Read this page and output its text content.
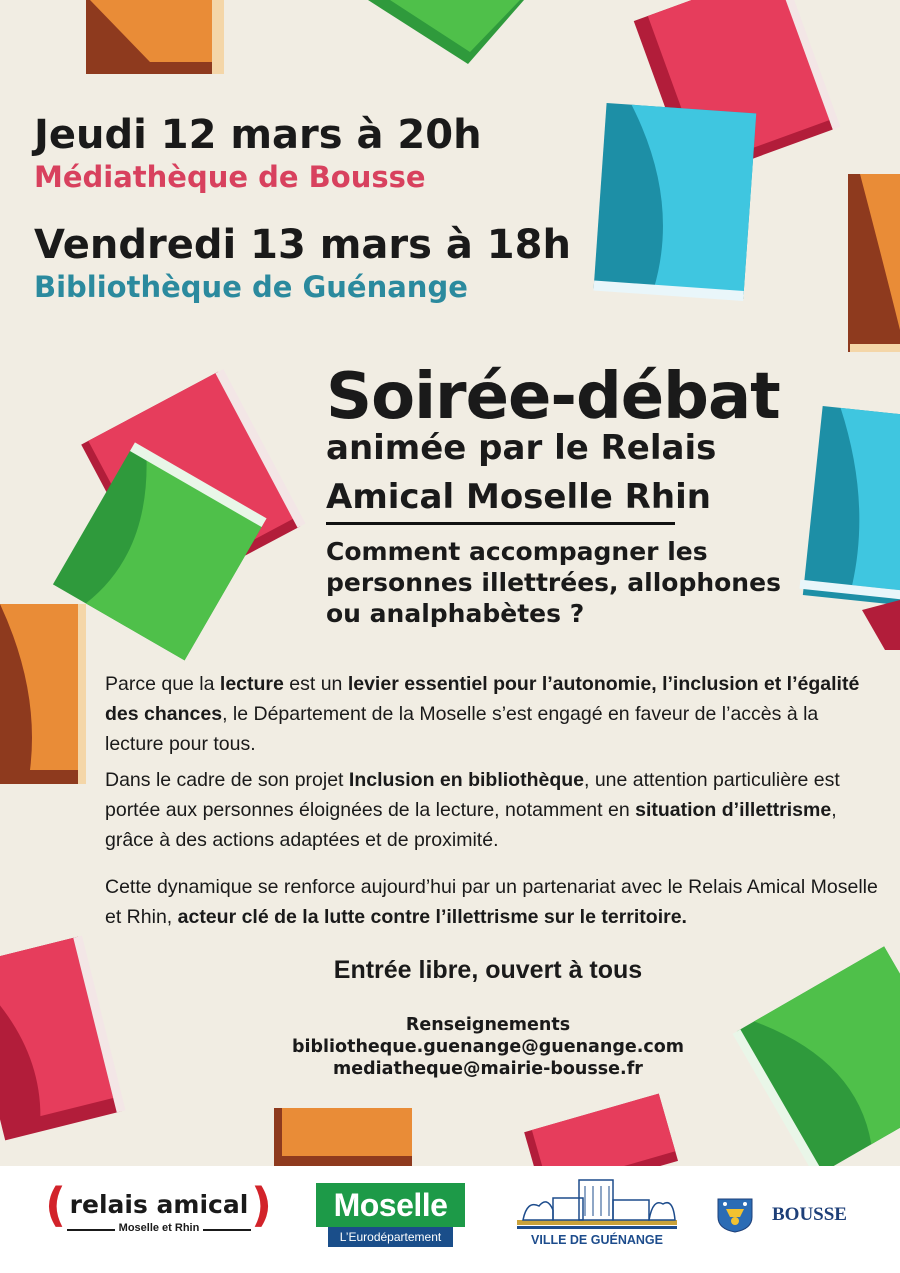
Jeudi 12 mars à 20h
Médiathèque de Bousse
Vendredi 13 mars à 18h
Bibliothèque de Guénange
Soirée-débat
animée par le Relais
Amical Moselle Rhin
Comment accompagner les personnes illettrées, allophones ou analphabètes ?

Parce que la lecture est un levier essentiel pour l’autonomie, l’inclusion et l’égalité des chances, le Département de la Moselle s’est engagé en faveur de l’accès à la lecture pour tous.

Dans le cadre de son projet Inclusion en bibliothèque, une attention particulière est portée aux personnes éloignées de la lecture, notamment en situation d’illettrisme, grâce à des actions adaptées et de proximité.

Cette dynamique se renforce aujourd’hui par un partenariat avec le Relais Amical Moselle et Rhin, acteur clé de la lutte contre l’illettrisme sur le territoire.

Entrée libre, ouvert à tous
Renseignements
bibliotheque.guenange@guenange.com
mediatheque@mairie-bousse.fr
(	)
relais amical
Moselle et Rhin
Moselle
L’Eurodépartement	VILLE DE GUÉNANGE
BOUSSE
